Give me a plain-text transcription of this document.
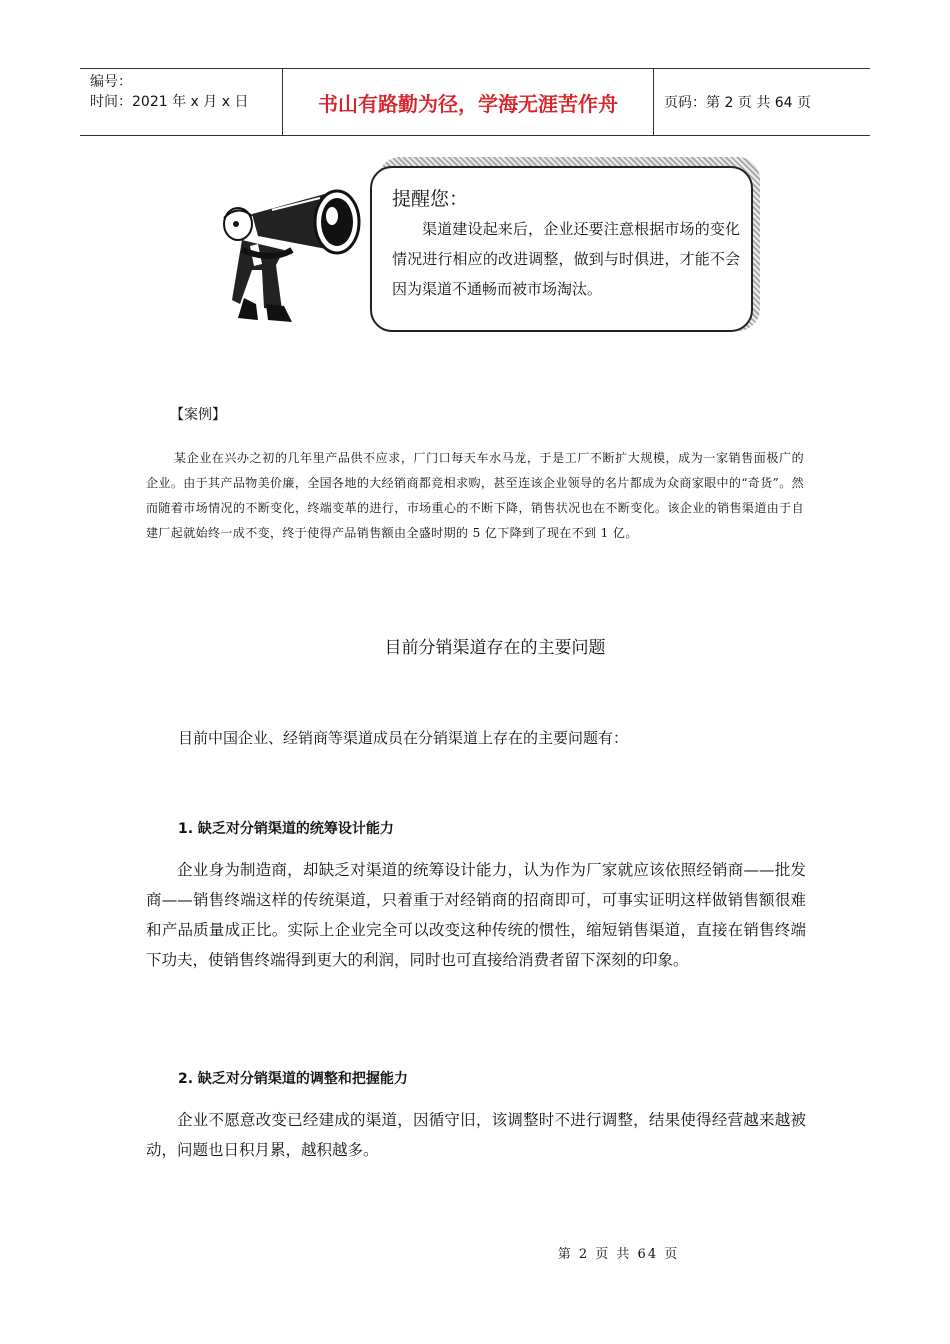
编号：
时间：2021 年 x 月 x 日	书山有路勤为径，学海无涯苦作舟	页码：第 2 页 共 64 页
提醒您：
渠道建设起来后，企业还要注意根据市场的变化情况进行相应的改进调整，做到与时俱进，才能不会因为渠道不通畅而被市场淘汰。
【案例】
某企业在兴办之初的几年里产品供不应求，厂门口每天车水马龙，于是工厂不断扩大规模，成为一家销售面极广的企业。由于其产品物美价廉，全国各地的大经销商都竞相求购，甚至连该企业领导的名片都成为众商家眼中的“奇货”。然而随着市场情况的不断变化，终端变革的进行，市场重心的不断下降，销售状况也在不断变化。该企业的销售渠道由于自建厂起就始终一成不变，终于使得产品销售额由全盛时期的 5 亿下降到了现在不到 1 亿。
目前分销渠道存在的主要问题
目前中国企业、经销商等渠道成员在分销渠道上存在的主要问题有：
1. 缺乏对分销渠道的统筹设计能力
企业身为制造商，却缺乏对渠道的统筹设计能力，认为作为厂家就应该依照经销商——批发商——销售终端这样的传统渠道，只着重于对经销商的招商即可，可事实证明这样做销售额很难和产品质量成正比。实际上企业完全可以改变这种传统的惯性，缩短销售渠道，直接在销售终端下功夫，使销售终端得到更大的利润，同时也可直接给消费者留下深刻的印象。
2. 缺乏对分销渠道的调整和把握能力
企业不愿意改变已经建成的渠道，因循守旧，该调整时不进行调整，结果使得经营越来越被动，问题也日积月累，越积越多。
第 2 页 共 64 页
